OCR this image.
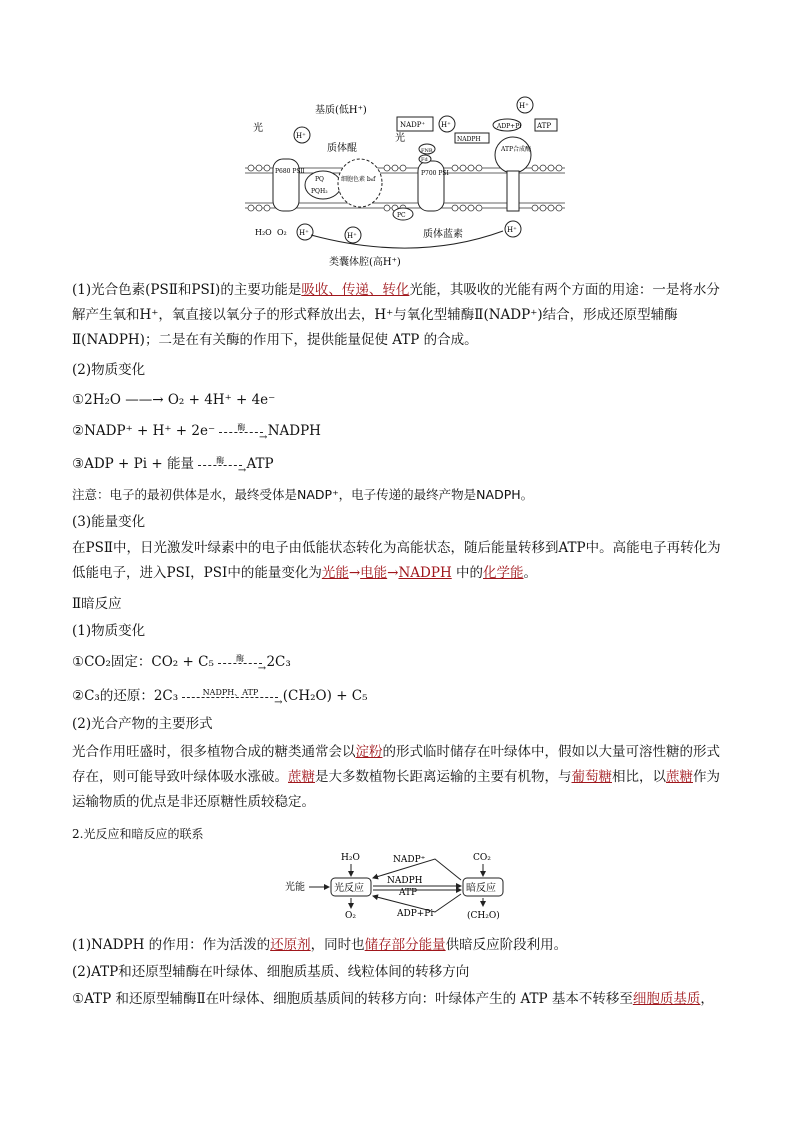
基质(低H⁺)
光
质体醌
P680 PSⅡ
H⁺
PQ
PQH₂
细胞色素 b₆f
PC
P700 PSⅠ
光
NADP⁺ H⁺
NADPH
FNR
Fd
ATP合成酶
H⁺
ADP+Pi ATP
H₂O O₂ H⁺	H⁺	质体蓝素	H⁺
类囊体腔(高H⁺)
(1)光合色素(PSⅡ和PSⅠ)的主要功能是吸收、传递、转化光能，其吸收的光能有两个方面的用途：一是将水分解产生氧和H⁺，氧直接以氧分子的形式释放出去，H⁺与氧化型辅酶Ⅱ(NADP⁺)结合，形成还原型辅酶Ⅱ(NADPH)；二是在有关酶的作用下，提供能量促使 ATP 的合成。
(2)物质变化
①2H₂O ——→ O₂ + 4H⁺ + 4e⁻
②NADP⁺ + H⁺ + 2e⁻	酶
→ NADPH
③ADP + Pi + 能量	酶
→ ATP
注意：电子的最初供体是水，最终受体是NADP⁺，电子传递的最终产物是NADPH。
(3)能量变化
在PSⅡ中，日光激发叶绿素中的电子由低能状态转化为高能状态，随后能量转移到ATP中。高能电子再转化为低能电子，进入PSⅠ，PSⅠ中的能量变化为光能→电能→NADPH 中的化学能。
Ⅱ暗反应
(1)物质变化
①CO₂固定：CO₂ + C₅	酶
→ 2C₃
②C₃的还原：2C₃	NADPH、ATP
→ (CH₂O) + C₅
(2)光合产物的主要形式
光合作用旺盛时，很多植物合成的糖类通常会以淀粉的形式临时储存在叶绿体中，假如以大量可溶性糖的形式存在，则可能导致叶绿体吸水涨破。蔗糖是大多数植物长距离运输的主要有机物，与葡萄糖相比，以蔗糖作为运输物质的优点是非还原糖性质较稳定。
2.光反应和暗反应的联系
光能	光反应	暗反应
H₂O
O₂
NADP⁺
NADPH
ATP
ADP+Pi
CO₂
(CH₂O)
(1)NADPH 的作用：作为活泼的还原剂，同时也储存部分能量供暗反应阶段利用。
(2)ATP和还原型辅酶在叶绿体、细胞质基质、线粒体间的转移方向
①ATP 和还原型辅酶Ⅱ在叶绿体、细胞质基质间的转移方向：叶绿体产生的 ATP 基本不转移至细胞质基质，
